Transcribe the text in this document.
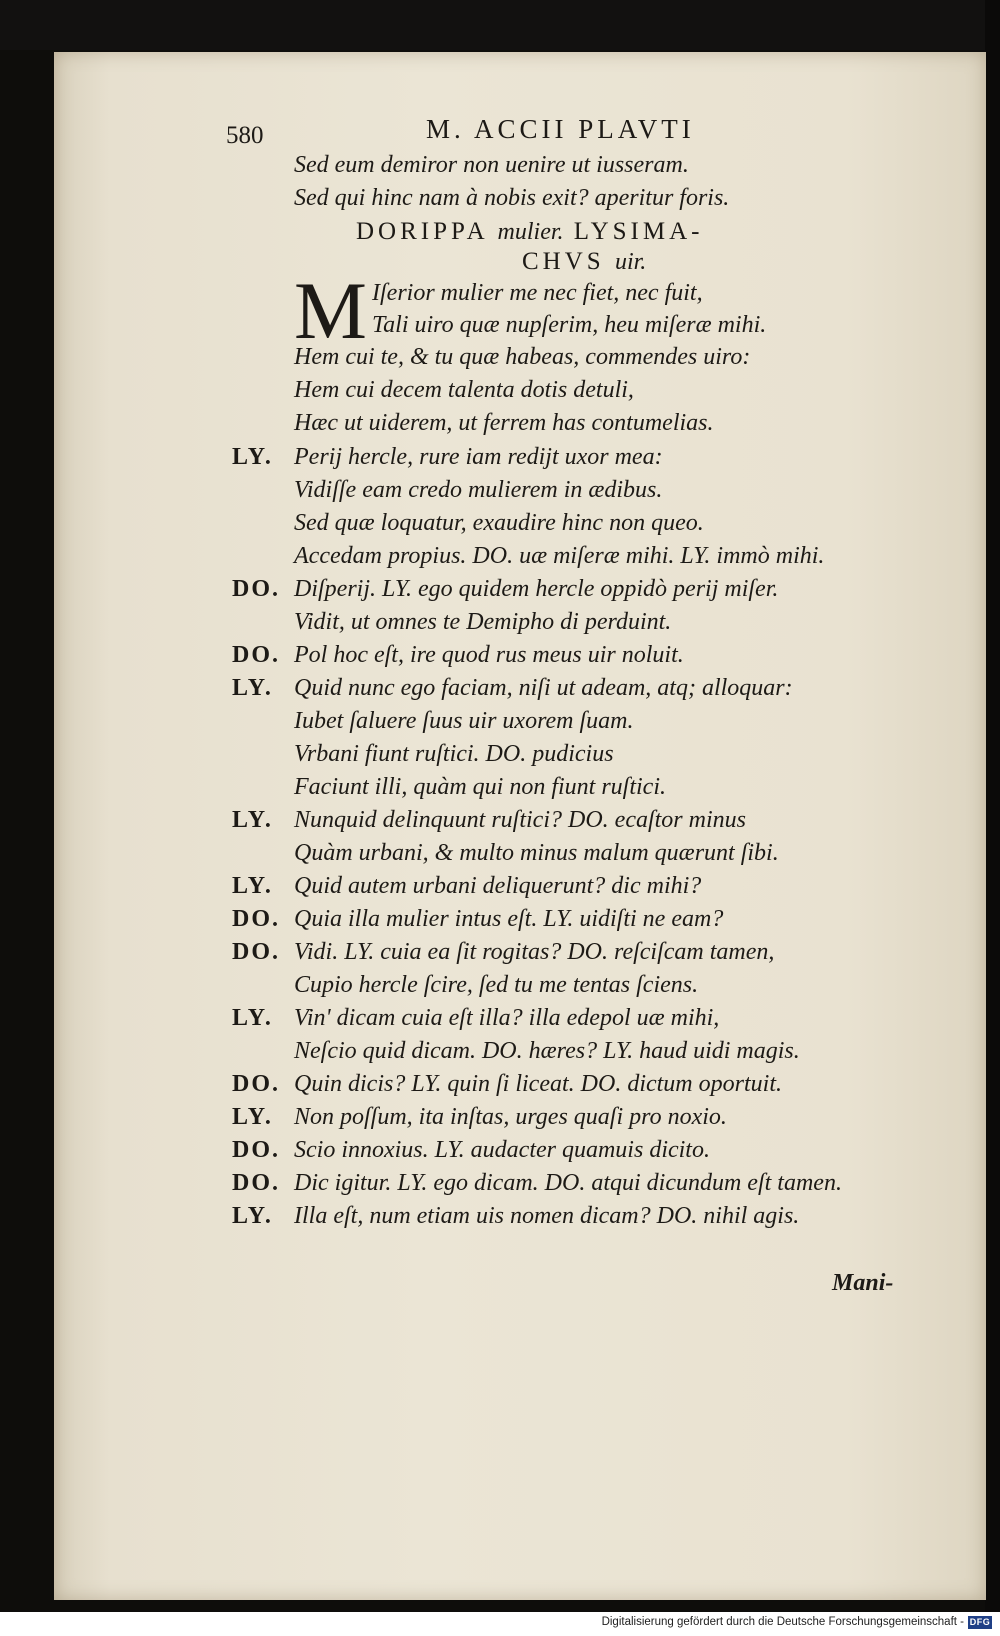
580	M. ACCII PLAVTI
Sed eum demiror non uenire ut iusseram.
Sed qui hinc nam à nobis exit? aperitur foris.
DORIPPA mulier. LYSIMA-
CHVS uir.
M Iſerior mulier me nec fiet, nec fuit,
Tali uiro quæ nupſerim, heu miſeræ mihi.
Hem cui te, & tu quæ habeas, commendes uiro:
Hem cui decem talenta dotis detuli,
Hæc ut uiderem, ut ferrem has contumelias.
LY. Perij hercle, rure iam redijt uxor mea:
Vidiſſe eam credo mulierem in ædibus.
Sed quæ loquatur, exaudire hinc non queo.
Accedam propius. DO. uæ miſeræ mihi. LY. immò mihi.
DO. Diſperij. LY. ego quidem hercle oppidò perij miſer.
Vidit, ut omnes te Demipho di perduint.
DO. Pol hoc eſt, ire quod rus meus uir noluit.
LY. Quid nunc ego faciam, niſi ut adeam, atq; alloquar:
Iubet ſaluere ſuus uir uxorem ſuam.
Vrbani fiunt ruſtici. DO. pudicius
Faciunt illi, quàm qui non fiunt ruſtici.
LY. Nunquid delinquunt ruſtici? DO. ecaſtor minus
Quàm urbani, & multo minus malum quærunt ſibi.
LY. Quid autem urbani deliquerunt? dic mihi?
DO. Quia illa mulier intus eſt. LY. uidiſti ne eam?
DO. Vidi. LY. cuia ea ſit rogitas? DO. reſciſcam tamen,
Cupio hercle ſcire, ſed tu me tentas ſciens.
LY. Vin' dicam cuia eſt illa? illa edepol uæ mihi,
Neſcio quid dicam. DO. hæres? LY. haud uidi magis.
DO. Quin dicis? LY. quin ſi liceat. DO. dictum oportuit.
LY. Non poſſum, ita inſtas, urges quaſi pro noxio.
DO. Scio innoxius. LY. audacter quamuis dicito.
DO. Dic igitur. LY. ego dicam. DO. atqui dicundum eſt tamen.
LY. Illa eſt, num etiam uis nomen dicam? DO. nihil agis.
Mani-
Digitalisierung gefördert durch die Deutsche Forschungsgemeinschaft - DFG
